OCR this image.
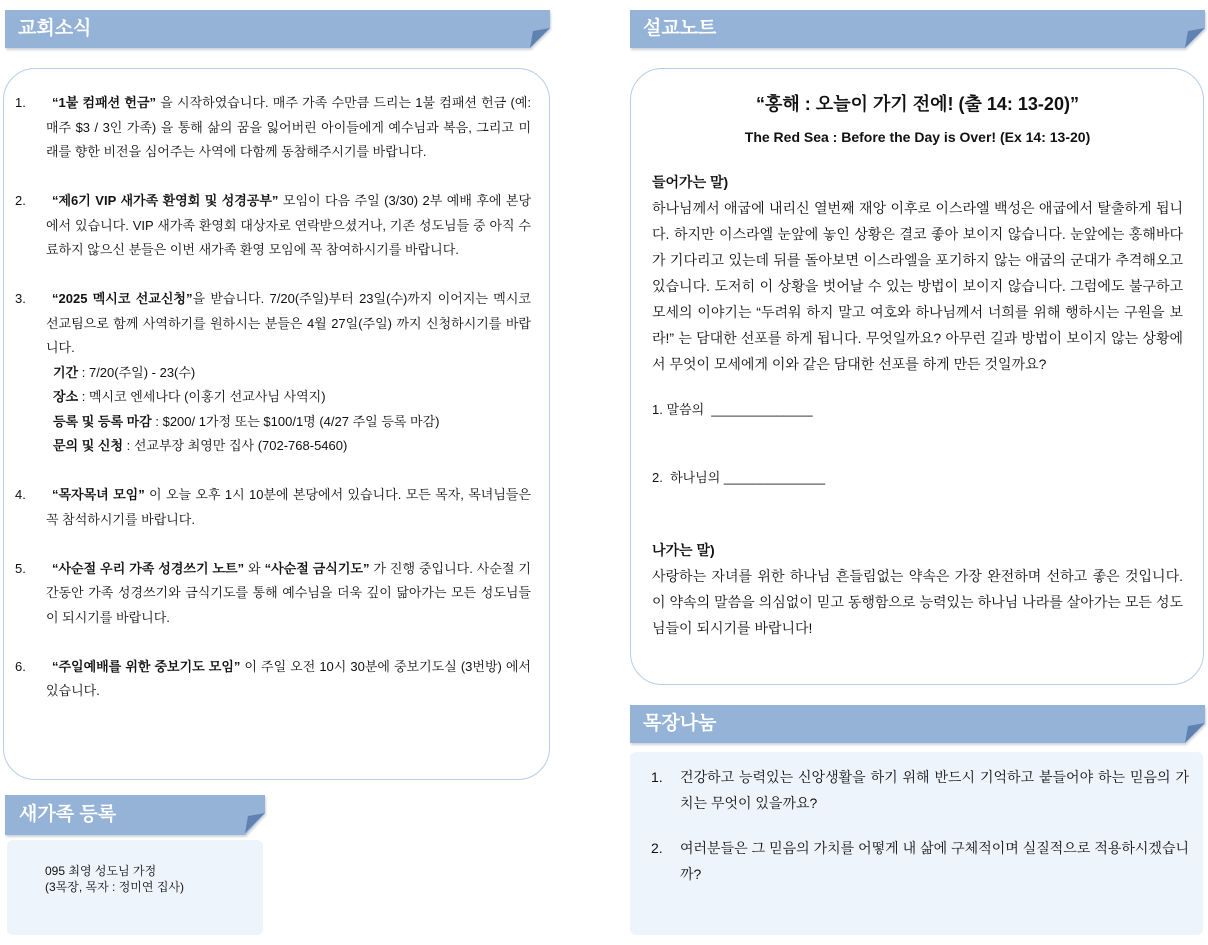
교회소식
1.	“1불 컴패션 헌금” 을 시작하였습니다. 매주 가족 수만큼 드리는 1불 컴패션 헌금 (예: 매주 $3 / 3인 가족) 을 통해 삶의 꿈을 잃어버린 아이들에게 예수님과 복음, 그리고 미래를 향한 비전을 심어주는 사역에 다함께 동참해주시기를 바랍니다.
2.	“제6기 VIP 새가족 환영회 및 성경공부” 모임이 다음 주일 (3/30) 2부 예배 후에 본당에서 있습니다. VIP 새가족 환영회 대상자로 연락받으셨거나, 기존 성도님들 중 아직 수료하지 않으신 분들은 이번 새가족 환영 모임에 꼭 참여하시기를 바랍니다.
3.	“2025 멕시코 선교신청”을 받습니다. 7/20(주일)부터 23일(수)까지 이어지는 멕시코 선교팀으로 함께 사역하기를 원하시는 분들은 4월 27일(주일) 까지 신청하시기를 바랍니다.
기간 : 7/20(주일) - 23(수)
장소 : 멕시코 엔세나다 (이홍기 선교사님 사역지)
등록 및 등록 마감 : $200/ 1가정 또는 $100/1명 (4/27 주일 등록 마감)
문의 및 신청 : 선교부장 최영만 집사 (702-768-5460)
4.	“목자목녀 모임” 이 오늘 오후 1시 10분에 본당에서 있습니다. 모든 목자, 목녀님들은 꼭 참석하시기를 바랍니다.
5.	“사순절 우리 가족 성경쓰기 노트” 와 “사순절 금식기도” 가 진행 중입니다. 사순절 기간동안 가족 성경쓰기와 금식기도를 통해 예수님을 더욱 깊이 닮아가는 모든 성도님들이 되시기를 바랍니다.
6.	“주일예배를 위한 중보기도 모임” 이 주일 오전 10시 30분에 중보기도실 (3번방) 에서 있습니다.
새가족 등록
095 최영 성도님 가정
(3목장, 목자 : 정미연 집사)
설교노트
“홍해 : 오늘이 가기 전에! (출 14: 13-20)”
The Red Sea : Before the Day is Over! (Ex 14: 13-20)
들어가는 말)
하나님께서 애굽에 내리신 열번째 재앙 이후로 이스라엘 백성은 애굽에서 탈출하게 됩니다. 하지만 이스라엘 눈앞에 놓인 상황은 결코 좋아 보이지 않습니다. 눈앞에는 홍해바다가 기다리고 있는데 뒤를 돌아보면 이스라엘을 포기하지 않는 애굽의 군대가 추격해오고 있습니다. 도저히 이 상황을 벗어날 수 있는 방법이 보이지 않습니다. 그럼에도 불구하고 모세의 이야기는 “두려워 하지 말고 여호와 하나님께서 너희를 위해 행하시는 구원을 보라!” 는 담대한 선포를 하게 됩니다. 무엇일까요? 아무런 길과 방법이 보이지 않는 상황에서 무엇이 모세에게 이와 같은 담대한 선포를 하게 만든 것일까요?
1. 말씀의  ______________
2.  하나님의 ______________
나가는 말)
사랑하는 자녀를 위한 하나님 흔들림없는 약속은 가장 완전하며 선하고 좋은 것입니다. 이 약속의 말씀을 의심없이 믿고 동행함으로 능력있는 하나님 나라를 살아가는 모든 성도님들이 되시기를 바랍니다!
목장나눔
1.	건강하고 능력있는 신앙생활을 하기 위해 반드시 기억하고 붙들어야 하는 믿음의 가치는 무엇이 있을까요?
2.	여러분들은 그 믿음의 가치를 어떻게 내 삶에 구체적이며 실질적으로 적용하시겠습니까?
